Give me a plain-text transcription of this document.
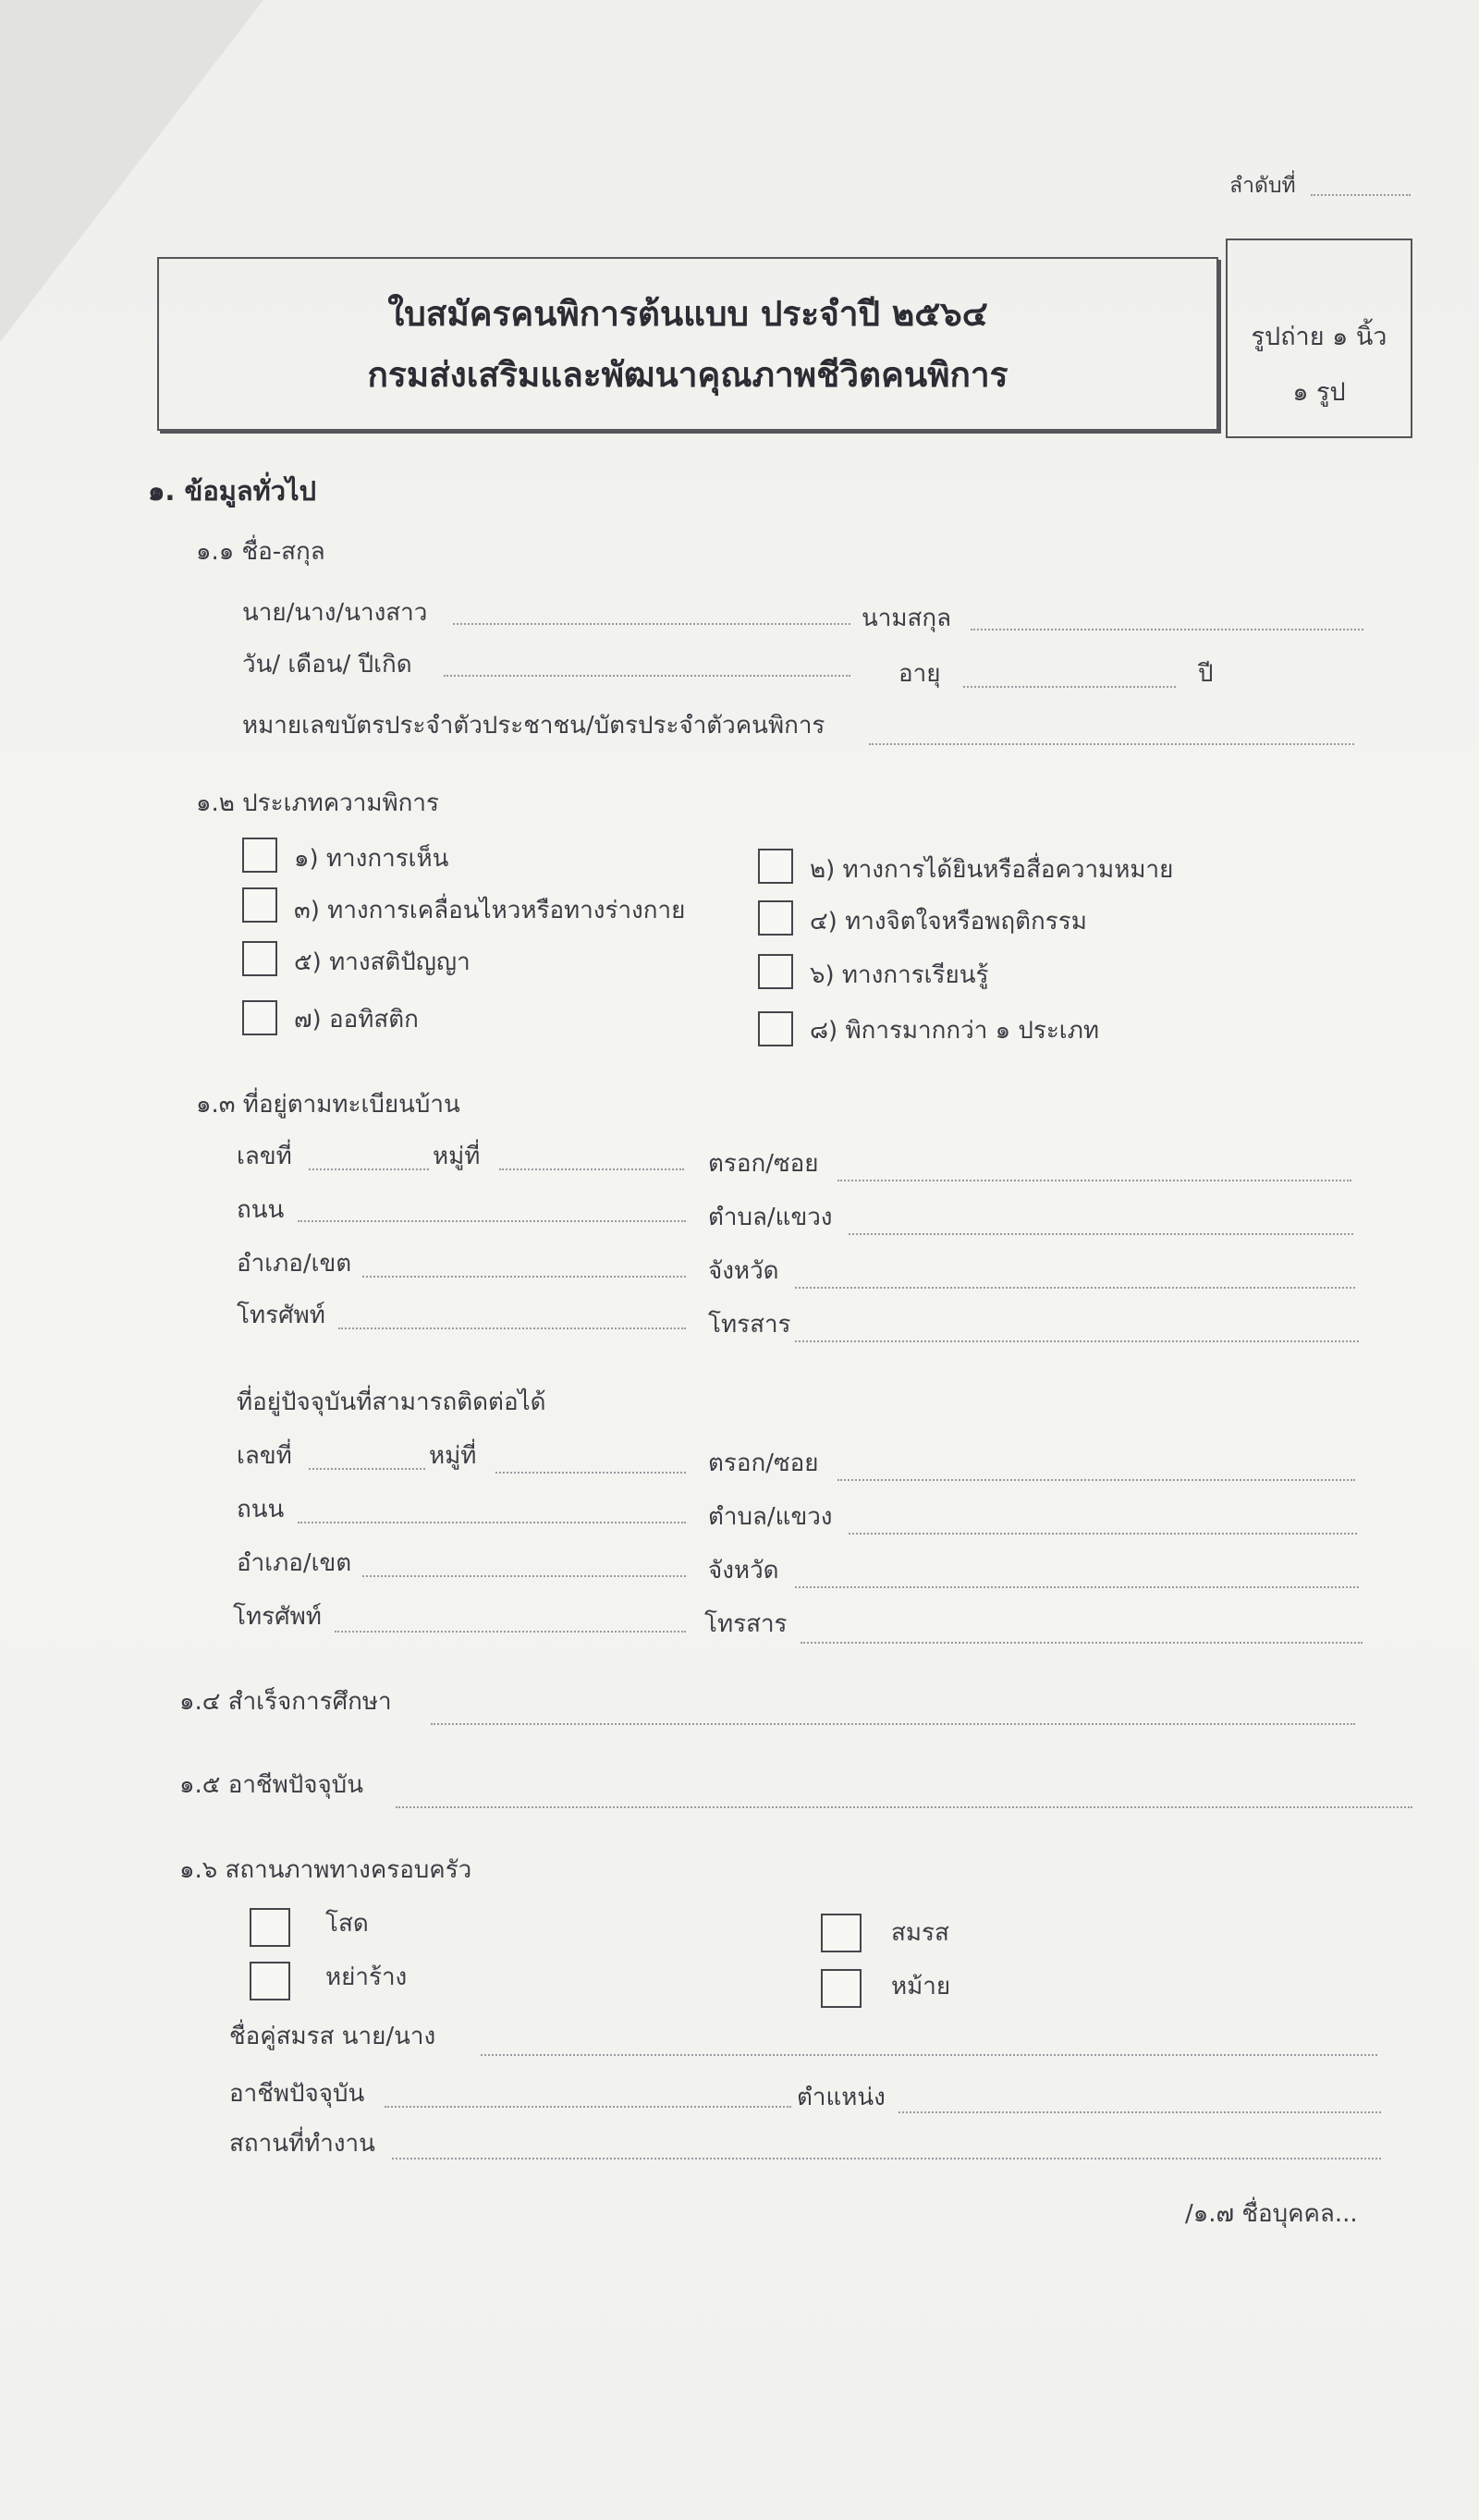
ลำดับที่
ใบสมัครคนพิการต้นแบบ ประจำปี ๒๕๖๔
กรมส่งเสริมและพัฒนาคุณภาพชีวิตคนพิการ
รูปถ่าย ๑ นิ้ว
๑ รูป
๑. ข้อมูลทั่วไป
๑.๑ ชื่อ-สกุล
นาย/นาง/นางสาว	นามสกุล
วัน/ เดือน/ ปีเกิด	อายุ	ปี
หมายเลขบัตรประจำตัวประชาชน/บัตรประจำตัวคนพิการ
๑.๒ ประเภทความพิการ
๑) ทางการเห็น	๒) ทางการได้ยินหรือสื่อความหมาย
๓) ทางการเคลื่อนไหวหรือทางร่างกาย	๔) ทางจิตใจหรือพฤติกรรม
๕) ทางสติปัญญา	๖) ทางการเรียนรู้
๗) ออทิสติก	๘) พิการมากกว่า ๑ ประเภท
๑.๓ ที่อยู่ตามทะเบียนบ้าน
เลขที่	หมู่ที่	ตรอก/ซอย
ถนน	ตำบล/แขวง
อำเภอ/เขต	จังหวัด
โทรศัพท์	โทรสาร
ที่อยู่ปัจจุบันที่สามารถติดต่อได้
เลขที่	หมู่ที่	ตรอก/ซอย
ถนน	ตำบล/แขวง
อำเภอ/เขต	จังหวัด
โทรศัพท์	โทรสาร
๑.๔ สำเร็จการศึกษา
๑.๕ อาชีพปัจจุบัน
๑.๖ สถานภาพทางครอบครัว
โสด	สมรส
หย่าร้าง	หม้าย
ชื่อคู่สมรส นาย/นาง
อาชีพปัจจุบัน	ตำแหน่ง
สถานที่ทำงาน
/๑.๗ ชื่อบุคคล...
